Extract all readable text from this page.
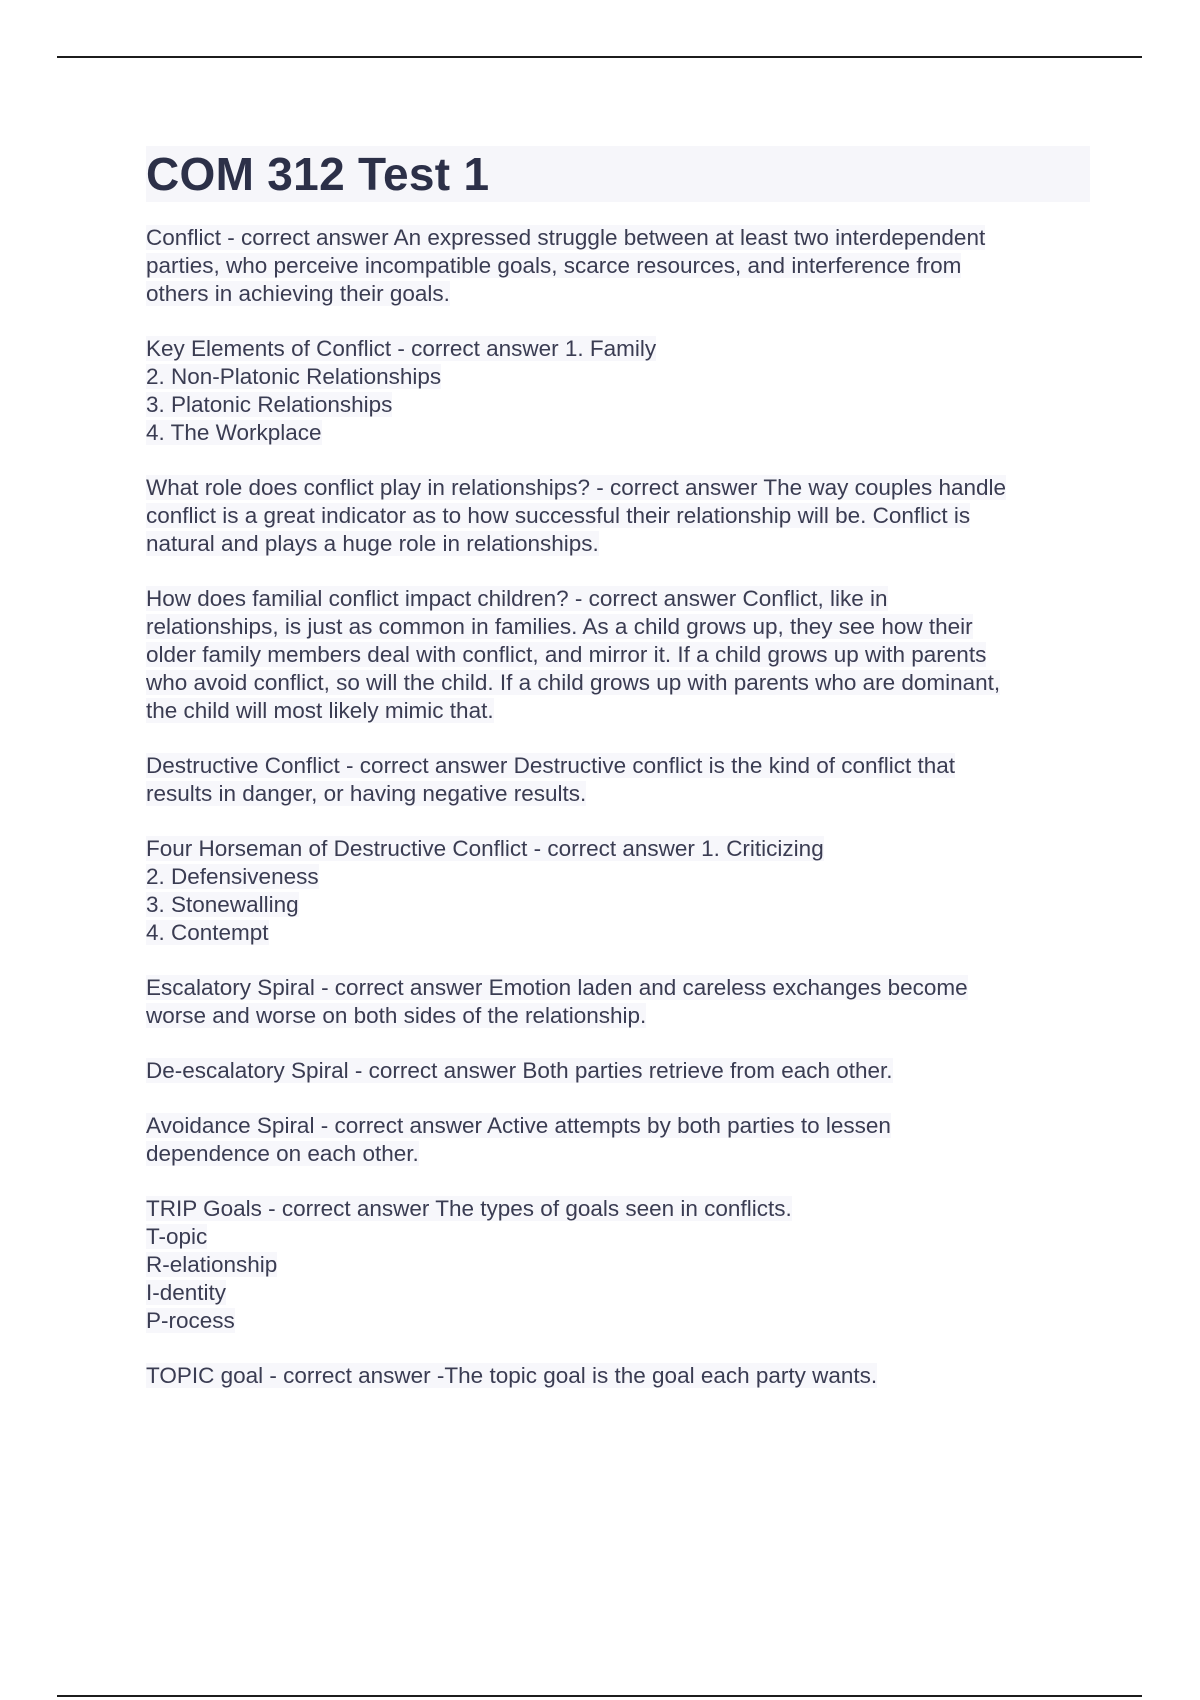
COM 312 Test 1
Conflict - correct answer An expressed struggle between at least two interdependent
parties, who perceive incompatible goals, scarce resources, and interference from
others in achieving their goals.
Key Elements of Conflict - correct answer 1. Family
2. Non-Platonic Relationships
3. Platonic Relationships
4. The Workplace
What role does conflict play in relationships? - correct answer The way couples handle
conflict is a great indicator as to how successful their relationship will be. Conflict is
natural and plays a huge role in relationships.
How does familial conflict impact children? - correct answer Conflict, like in
relationships, is just as common in families. As a child grows up, they see how their
older family members deal with conflict, and mirror it. If a child grows up with parents
who avoid conflict, so will the child. If a child grows up with parents who are dominant,
the child will most likely mimic that.
Destructive Conflict - correct answer Destructive conflict is the kind of conflict that
results in danger, or having negative results.
Four Horseman of Destructive Conflict - correct answer 1. Criticizing
2. Defensiveness
3. Stonewalling
4. Contempt
Escalatory Spiral - correct answer Emotion laden and careless exchanges become
worse and worse on both sides of the relationship.
De-escalatory Spiral - correct answer Both parties retrieve from each other.
Avoidance Spiral - correct answer Active attempts by both parties to lessen
dependence on each other.
TRIP Goals - correct answer The types of goals seen in conflicts.
T-opic
R-elationship
I-dentity
P-rocess
TOPIC goal - correct answer -The topic goal is the goal each party wants.
